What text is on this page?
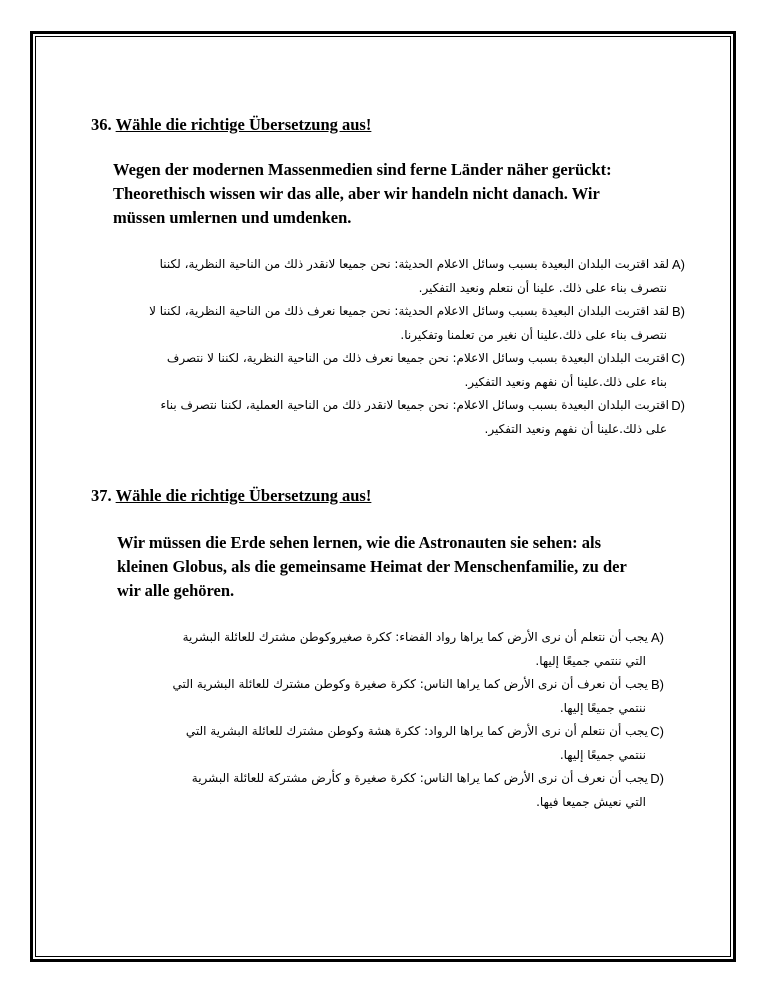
36. Wähle die richtige Übersetzung aus!
Wegen der modernen Massenmedien sind ferne Länder näher gerückt:
Theorethisch wissen wir das alle, aber wir handeln nicht danach. Wir
müssen umlernen und umdenken.
A)
لقد اقتربت البلدان البعيدة بسبب وسائل الاعلام الحديثة: نحن جميعا لانقدر ذلك من الناحية النظرية، لكننا
نتصرف بناء على ذلك. علينا أن نتعلم ونعيد التفكير.
B)
لقد اقتربت البلدان البعيدة بسبب وسائل الاعلام الحديثة: نحن جميعا نعرف ذلك من الناحية النظرية، لكننا لا
نتصرف بناء على ذلك.علينا أن نغير من تعلمنا وتفكيرنا.
C)
اقتربت البلدان البعيدة بسبب وسائل الاعلام: نحن جميعا نعرف ذلك من الناحية النظرية، لكننا لا نتصرف
بناء على ذلك.علينا أن نفهم ونعيد التفكير.
D)
اقتربت البلدان البعيدة بسبب وسائل الاعلام: نحن جميعا لانقدر ذلك من الناحية العملية، لكننا نتصرف بناء
على ذلك.علينا أن نفهم ونعيد التفكير.
37. Wähle die richtige Übersetzung aus!
Wir müssen die Erde sehen lernen, wie die Astronauten sie sehen: als
kleinen Globus, als die gemeinsame Heimat der Menschenfamilie, zu der
wir alle gehören.
A)
يجب أن نتعلم أن نرى الأرض كما يراها رواد الفضاء: ككرة صغيروكوطن مشترك للعائلة البشرية
التي ننتمي جميعًا إليها.
B)
يجب أن نعرف أن نرى الأرض كما يراها الناس: ككرة صغيرة وكوطن مشترك للعائلة البشرية التي
ننتمي جميعًا إليها.
C)
يجب أن نتعلم أن نرى الأرض كما يراها الرواد: ككرة هشة وكوطن مشترك للعائلة البشرية التي
ننتمي جميعًا إليها.
D)
يجب أن نعرف أن نرى الأرض كما يراها الناس: ككرة صغيرة و كأرض مشتركة للعائلة البشرية
التي نعيش جميعا فيها.
